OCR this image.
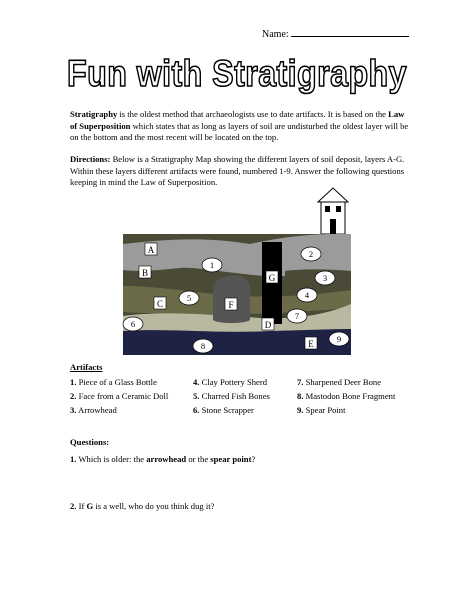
Name:
Fun with Stratigraphy
Stratigraphy is the oldest method that archaeologists use to date artifacts. It is based on the Law of Superposition which states that as long as layers of soil are undisturbed the oldest layer will be on the bottom and the most recent will be located on the top.
Directions: Below is a Stratigraphy Map showing the different layers of soil deposit, layers A-G. Within these layers different artifacts were found, numbered 1-9. Answer the following questions keeping in mind the Law of Superposition.
A
B
C
D
E
F
G
1
2
3
4
5
6
7
8
9
Artifacts
1. Piece of a Glass Bottle	4. Clay Pottery Sherd	7. Sharpened Deer Bone
2. Face from a Ceramic Doll	5. Charred Fish Bones	8. Mastodon Bone Fragment
3. Arrowhead	6. Stone Scrapper	9. Spear Point
Questions:
1. Which is older: the arrowhead or the spear point?
2. If G is a well, who do you think dug it?
